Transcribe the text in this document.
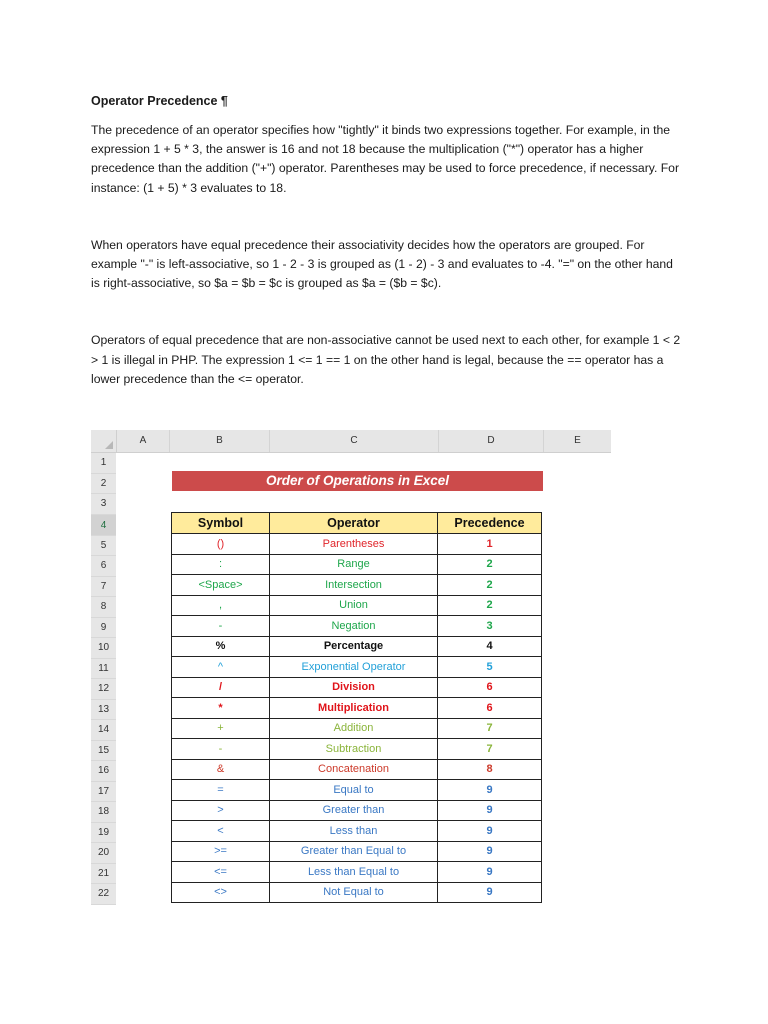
Operator Precedence ¶

The precedence of an operator specifies how "tightly" it binds two expressions together. For example, in the expression 1 + 5 * 3, the answer is 16 and not 18 because the multiplication ("*") operator has a higher precedence than the addition ("+") operator. Parentheses may be used to force precedence, if necessary. For instance: (1 + 5) * 3 evaluates to 18.

When operators have equal precedence their associativity decides how the operators are grouped. For example "-" is left-associative, so 1 - 2 - 3 is grouped as (1 - 2) - 3 and evaluates to -4. "=" on the other hand is right-associative, so $a = $b = $c is grouped as $a = ($b = $c).

Operators of equal precedence that are non-associative cannot be used next to each other, for example 1 < 2 > 1 is illegal in PHP. The expression 1 <= 1 == 1 on the other hand is legal, because the == operator has a lower precedence than the <= operator.

A	B	C	D	E
1
2
3
4
5
6
7
8
9
10
11
12
13
14
15
16
17
18
19
20
21
22
Order of Operations in Excel
Symbol	Operator	Precedence
()	Parentheses	1
:	Range	2
<Space>	Intersection	2
,	Union	2
-	Negation	3
%	Percentage	4
^	Exponential Operator	5
/	Division	6
*	Multiplication	6
+	Addition	7
-	Subtraction	7
&	Concatenation	8
=	Equal to	9
>	Greater than	9
<	Less than	9
>=	Greater than Equal to	9
<=	Less than Equal to	9
<>	Not Equal to	9
